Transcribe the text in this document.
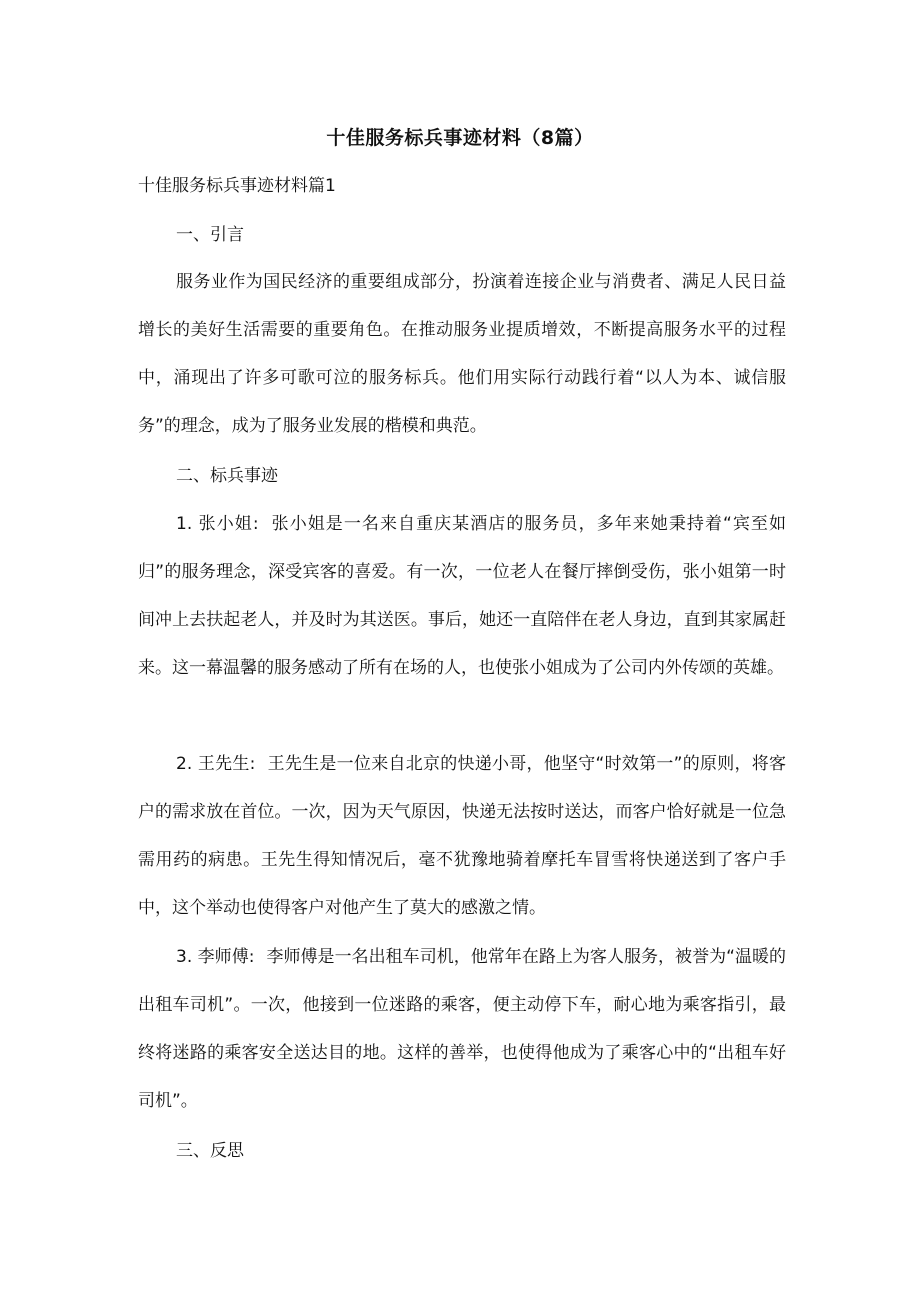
十佳服务标兵事迹材料（8篇）
十佳服务标兵事迹材料篇1

一、引言

服务业作为国民经济的重要组成部分，扮演着连接企业与消费者、满足人民日益增长的美好生活需要的重要角色。在推动服务业提质增效，不断提高服务水平的过程中，涌现出了许多可歌可泣的服务标兵。他们用实际行动践行着“以人为本、诚信服务”的理念，成为了服务业发展的楷模和典范。

二、标兵事迹

1. 张小姐: 张小姐是一名来自重庆某酒店的服务员，多年来她秉持着“宾至如归”的服务理念，深受宾客的喜爱。有一次，一位老人在餐厅摔倒受伤，张小姐第一时间冲上去扶起老人，并及时为其送医。事后，她还一直陪伴在老人身边，直到其家属赶来。这一幕温馨的服务感动了所有在场的人，也使张小姐成为了公司内外传颂的英雄。

2. 王先生: 王先生是一位来自北京的快递小哥，他坚守“时效第一”的原则，将客户的需求放在首位。一次，因为天气原因，快递无法按时送达，而客户恰好就是一位急需用药的病患。王先生得知情况后，毫不犹豫地骑着摩托车冒雪将快递送到了客户手中，这个举动也使得客户对他产生了莫大的感激之情。

3. 李师傅: 李师傅是一名出租车司机，他常年在路上为客人服务，被誉为“温暖的出租车司机”。一次，他接到一位迷路的乘客，便主动停下车，耐心地为乘客指引，最终将迷路的乘客安全送达目的地。这样的善举，也使得他成为了乘客心中的“出租车好司机”。

三、反思
